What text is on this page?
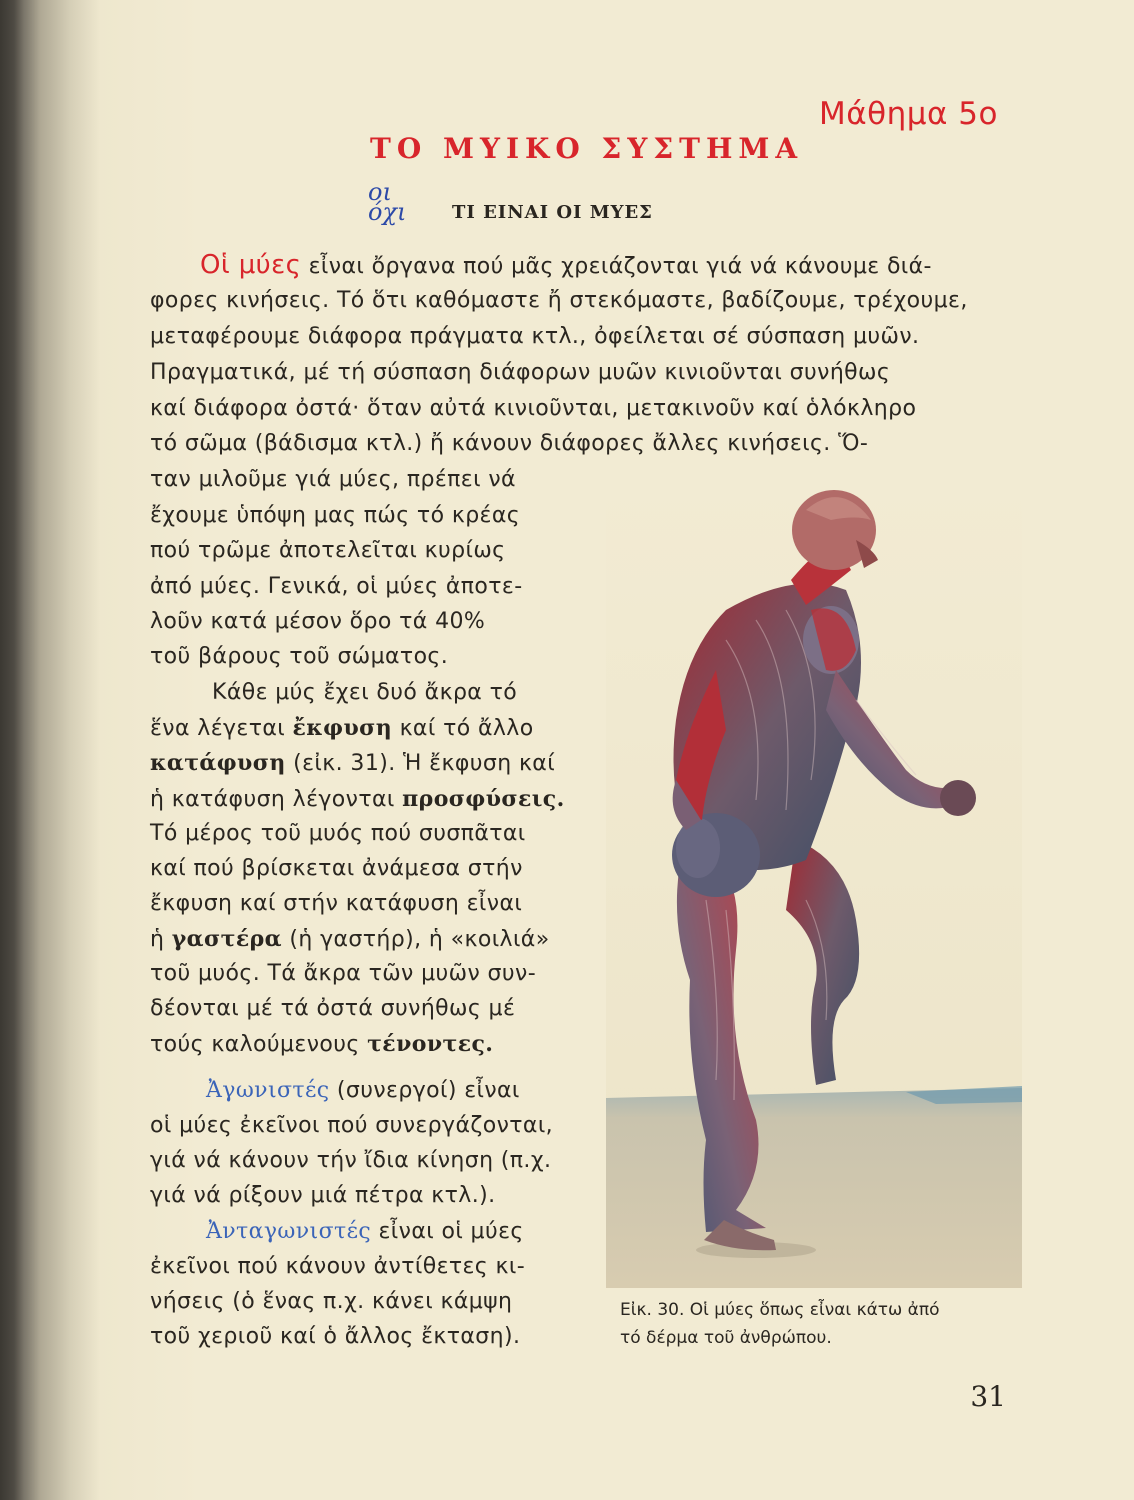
Μάθημα 5ο
ΤΟ ΜΥΙΚΟ ΣΥΣΤΗΜΑ
οι
όχι	ΤΙ ΕΙΝΑΙ ΟΙ ΜΥΕΣ
Οἱ μύες εἶναι ὄργανα πού μᾶς χρειάζονται γιά νά κάνουμε διά-
φορες κινήσεις. Τό ὅτι καθόμαστε ἤ στεκόμαστε, βαδίζουμε, τρέχουμε,
μεταφέρουμε διάφορα πράγματα κτλ., ὀφείλεται σέ σύσπαση μυῶν.
Πραγματικά, μέ τή σύσπαση διάφορων μυῶν κινιοῦνται συνήθως
καί διάφορα ὀστά· ὅταν αὐτά κινιοῦνται, μετακινοῦν καί ὁλόκληρο
τό σῶμα (βάδισμα κτλ.) ἤ κάνουν διάφορες ἄλλες κινήσεις. Ὅ-
ταν μιλοῦμε γιά μύες, πρέπει νά
ἔχουμε ὑπόψη μας πώς τό κρέας
πού τρῶμε ἀποτελεῖται κυρίως
ἀπό μύες. Γενικά, οἱ μύες ἀποτε-
λοῦν κατά μέσον ὅρο τά 40%
τοῦ βάρους τοῦ σώματος.
Κάθε μύς ἔχει δυό ἄκρα τό
ἕνα λέγεται ἔκφυση καί τό ἄλλο
κατάφυση (εἰκ. 31). Ἡ ἔκφυση καί
ἡ κατάφυση λέγονται προσφύσεις.
Τό μέρος τοῦ μυός πού συσπᾶται
καί πού βρίσκεται ἀνάμεσα στήν
ἔκφυση καί στήν κατάφυση εἶναι
ἡ γαστέρα (ἡ γαστήρ), ἡ «κοιλιά»
τοῦ μυός. Τά ἄκρα τῶν μυῶν συν-
δέονται μέ τά ὀστά συνήθως μέ
τούς καλούμενους τένοντες.
Ἀγωνιστές (συνεργοί) εἶναι
οἱ μύες ἐκεῖνοι πού συνεργάζονται,
γιά νά κάνουν τήν ἴδια κίνηση (π.χ.
γιά νά ρίξουν μιά πέτρα κτλ.).
Ἀνταγωνιστές εἶναι οἱ μύες
ἐκεῖνοι πού κάνουν ἀντίθετες κι-
νήσεις (ὁ ἕνας π.χ. κάνει κάμψη
τοῦ χεριοῦ καί ὁ ἄλλος ἔκταση).
Εἰκ. 30. Οἱ μύες ὅπως εἶναι κάτω ἀπό
τό δέρμα τοῦ ἀνθρώπου.
31
